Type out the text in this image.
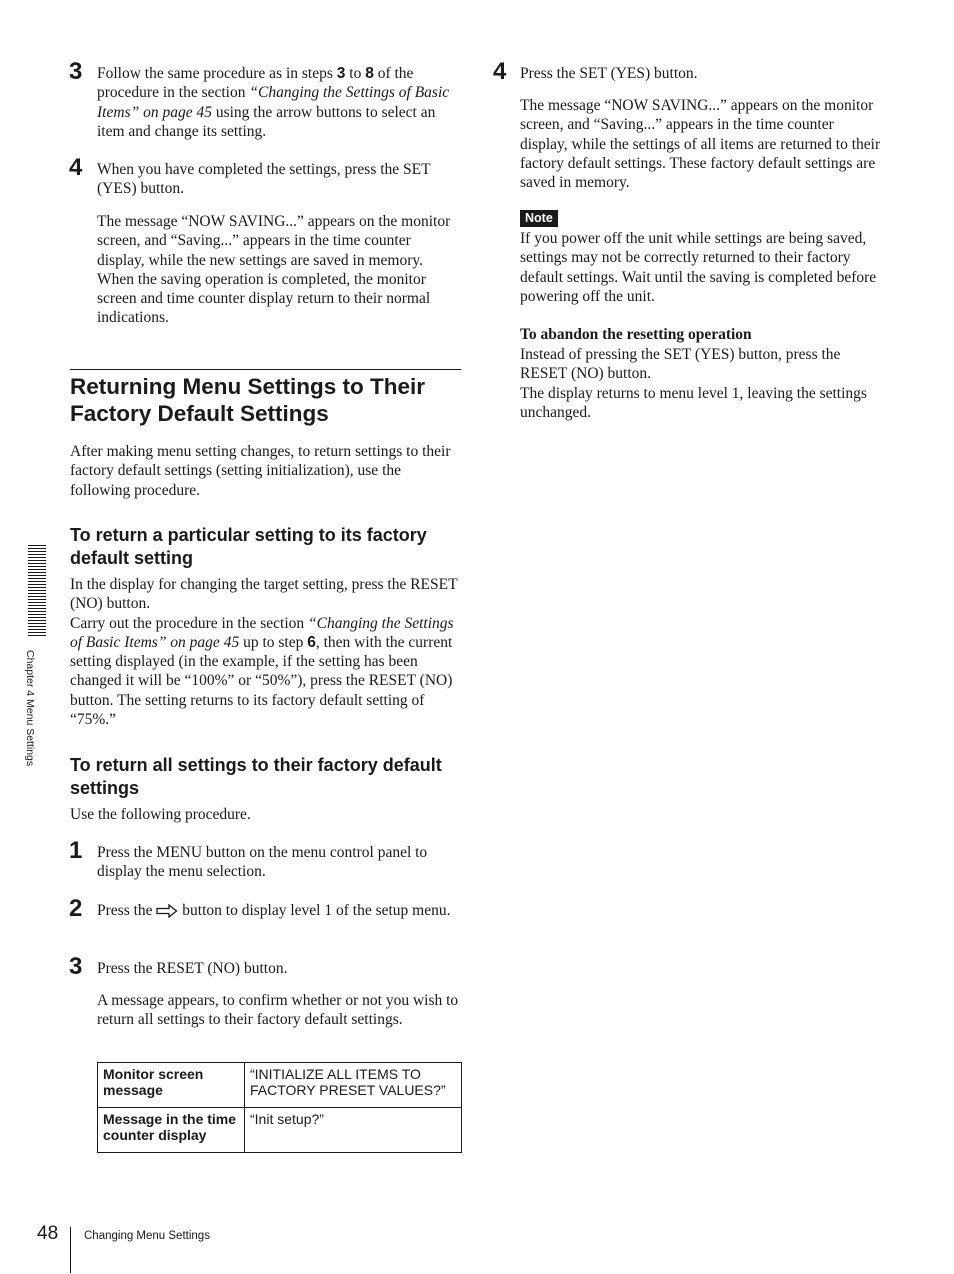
Chapter 4 Menu Settings
3 Follow the same procedure as in steps 3 to 8 of the procedure in the section “Changing the Settings of Basic Items” on page 45 using the arrow buttons to select an item and change its setting.
4 When you have completed the settings, press the SET (YES) button.

The message “NOW SAVING...” appears on the monitor screen, and “Saving...” appears in the time counter display, while the new settings are saved in memory.

When the saving operation is completed, the monitor screen and time counter display return to their normal indications.

Returning Menu Settings to Their Factory Default Settings
After making menu setting changes, to return settings to their factory default settings (setting initialization), use the following procedure.
To return a particular setting to its factory default setting

In the display for changing the target setting, press the RESET (NO) button.

Carry out the procedure in the section “Changing the Settings of Basic Items” on page 45 up to step 6, then with the current setting displayed (in the example, if the setting has been changed it will be “100%” or “50%”), press the RESET (NO) button. The setting returns to its factory default setting of “75%.”

To return all settings to their factory default settings
Use the following procedure.
1 Press the MENU button on the menu control panel to display the menu selection.
2 Press the  button to display level 1 of the setup menu.
3 Press the RESET (NO) button.
A message appears, to confirm whether or not you wish to return all settings to their factory default settings.
Monitor screen message	“INITIALIZE ALL ITEMS TO FACTORY PRESET VALUES?”
Message in the time counter display	“Init setup?”
4 Press the SET (YES) button.
The message “NOW SAVING...” appears on the monitor screen, and “Saving...” appears in the time counter display, while the settings of all items are returned to their factory default settings. These factory default settings are saved in memory.
Note
If you power off the unit while settings are being saved, settings may not be correctly returned to their factory default settings. Wait until the saving is completed before powering off the unit.
To abandon the resetting operation

Instead of pressing the SET (YES) button, press the RESET (NO) button.

The display returns to menu level 1, leaving the settings unchanged.

48 Changing Menu Settings
